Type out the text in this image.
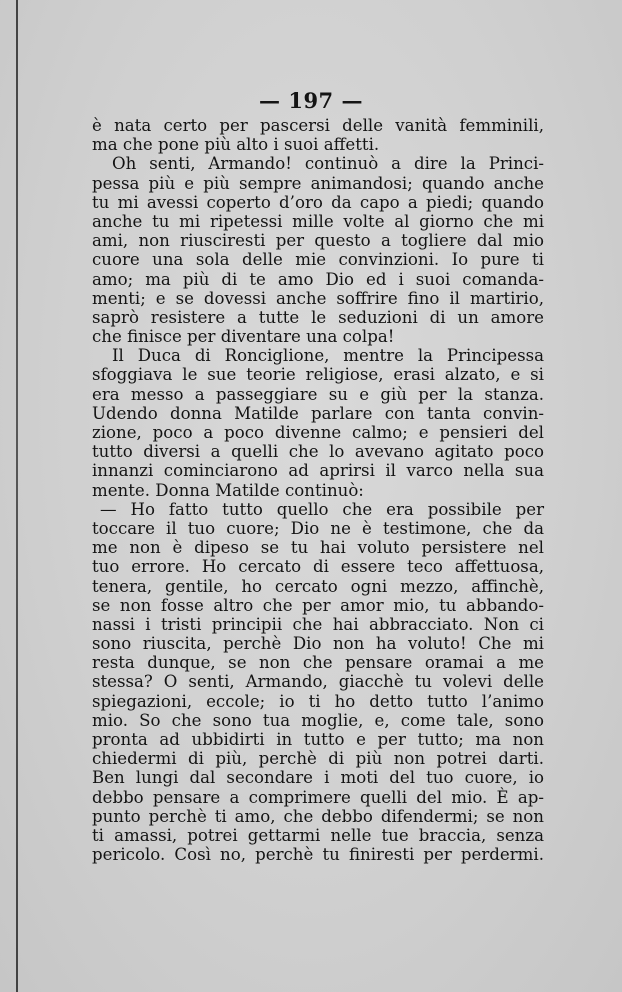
— 197 —
è nata certo per pascersi delle vanità femminili,
ma che pone più alto i suoi affetti.
Oh senti, Armando! continuò a dire la Princi-
pessa più e più sempre animandosi; quando anche
tu mi avessi coperto d’oro da capo a piedi; quando
anche tu mi ripetessi mille volte al giorno che mi
ami, non riusciresti per questo a togliere dal mio
cuore una sola delle mie convinzioni. Io pure ti
amo; ma più di te amo Dio ed i suoi comanda-
menti; e se dovessi anche soffrire fino il martirio,
saprò resistere a tutte le seduzioni di un amore
che finisce per diventare una colpa!
Il Duca di Ronciglione, mentre la Principessa
sfoggiava le sue teorie religiose, erasi alzato, e si
era messo a passeggiare su e giù per la stanza.
Udendo donna Matilde parlare con tanta convin-
zione, poco a poco divenne calmo; e pensieri del
tutto diversi a quelli che lo avevano agitato poco
innanzi cominciarono ad aprirsi il varco nella sua
mente. Donna Matilde continuò:
— Ho fatto tutto quello che era possibile per
toccare il tuo cuore; Dio ne è testimone, che da
me non è dipeso se tu hai voluto persistere nel
tuo errore. Ho cercato di essere teco affettuosa,
tenera, gentile, ho cercato ogni mezzo, affinchè,
se non fosse altro che per amor mio, tu abbando-
nassi i tristi principii che hai abbracciato. Non ci
sono riuscita, perchè Dio non ha voluto! Che mi
resta dunque, se non che pensare oramai a me
stessa? O senti, Armando, giacchè tu volevi delle
spiegazioni, eccole; io ti ho detto tutto l’animo
mio. So che sono tua moglie, e, come tale, sono
pronta ad ubbidirti in tutto e per tutto; ma non
chiedermi di più, perchè di più non potrei darti.
Ben lungi dal secondare i moti del tuo cuore, io
debbo pensare a comprimere quelli del mio. È ap-
punto perchè ti amo, che debbo difendermi; se non
ti amassi, potrei gettarmi nelle tue braccia, senza
pericolo. Così no, perchè tu finiresti per perdermi.
